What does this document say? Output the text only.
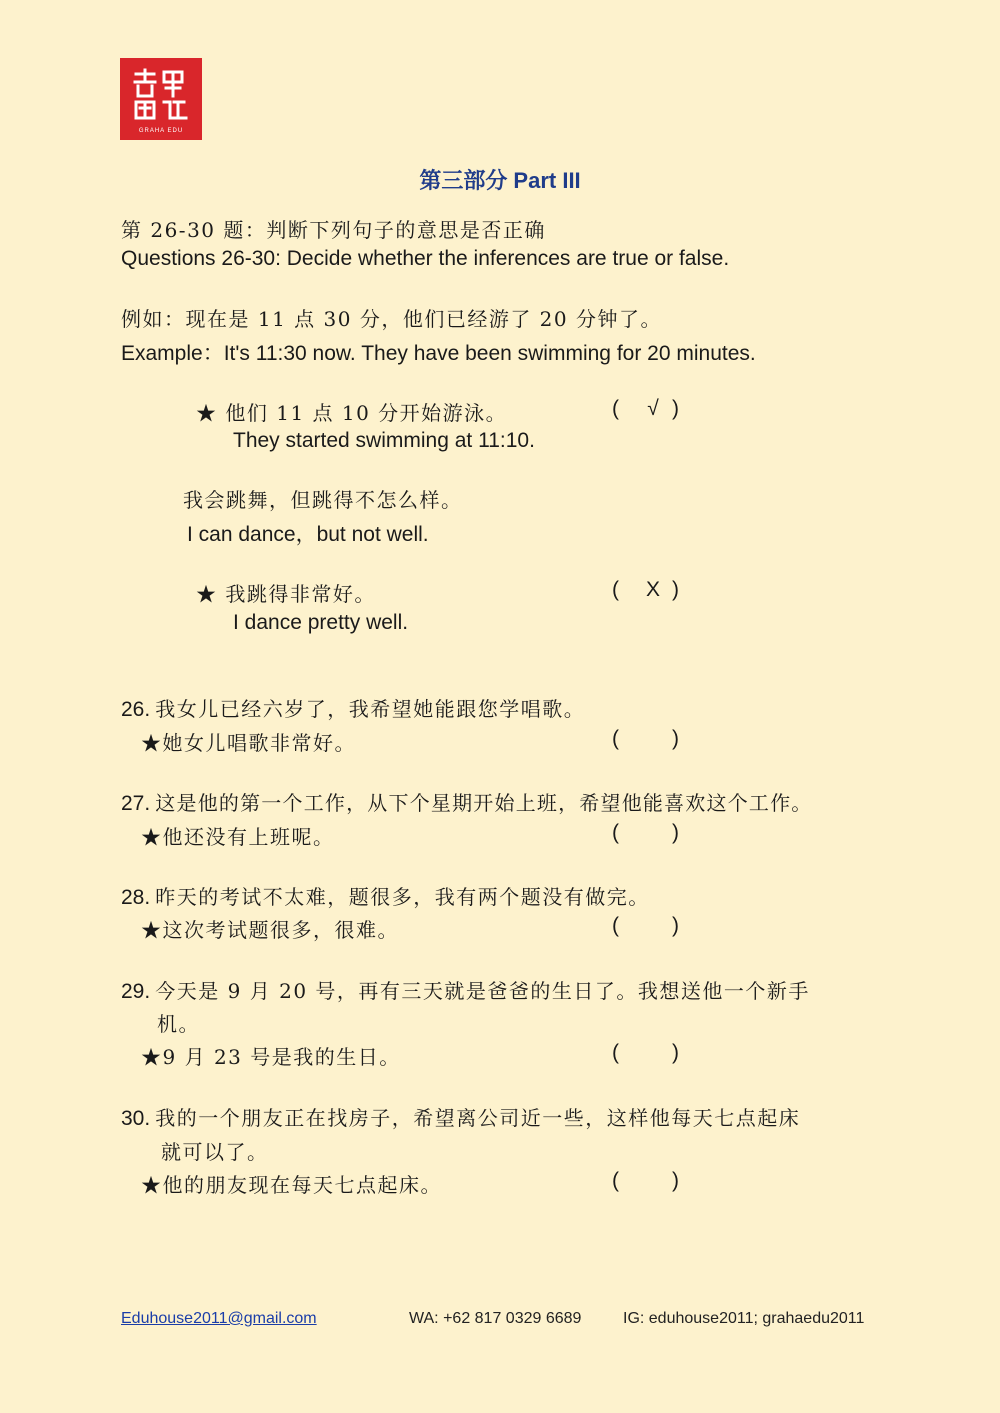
GRAHA EDU
第三部分 Part III
第 26-30 题：判断下列句子的意思是否正确
Questions 26-30: Decide whether the inferences are true or false.
例如：现在是 11 点 30 分，他们已经游了 20 分钟了。
Example：It's 11:30 now. They have been swimming for 20 minutes.
★ 他们 11 点 10 分开始游泳。	(	√ )
They started swimming at 11:10.
我会跳舞，但跳得不怎么样。
I can dance，but not well.
★ 我跳得非常好。	(	X )
I dance pretty well.
26. 我女儿已经六岁了，我希望她能跟您学唱歌。
★她女儿唱歌非常好。	(	)
27. 这是他的第一个工作，从下个星期开始上班，希望他能喜欢这个工作。
★他还没有上班呢。	(	)
28. 昨天的考试不太难，题很多，我有两个题没有做完。
★这次考试题很多，很难。	(	)
29. 今天是 9 月 20 号，再有三天就是爸爸的生日了。我想送他一个新手
机。
★9 月 23 号是我的生日。	(	)
30. 我的一个朋友正在找房子，希望离公司近一些，这样他每天七点起床
就可以了。
★他的朋友现在每天七点起床。	(	)
Eduhouse2011@gmail.com	WA: +62 817 0329 6689	IG: eduhouse2011; grahaedu2011
